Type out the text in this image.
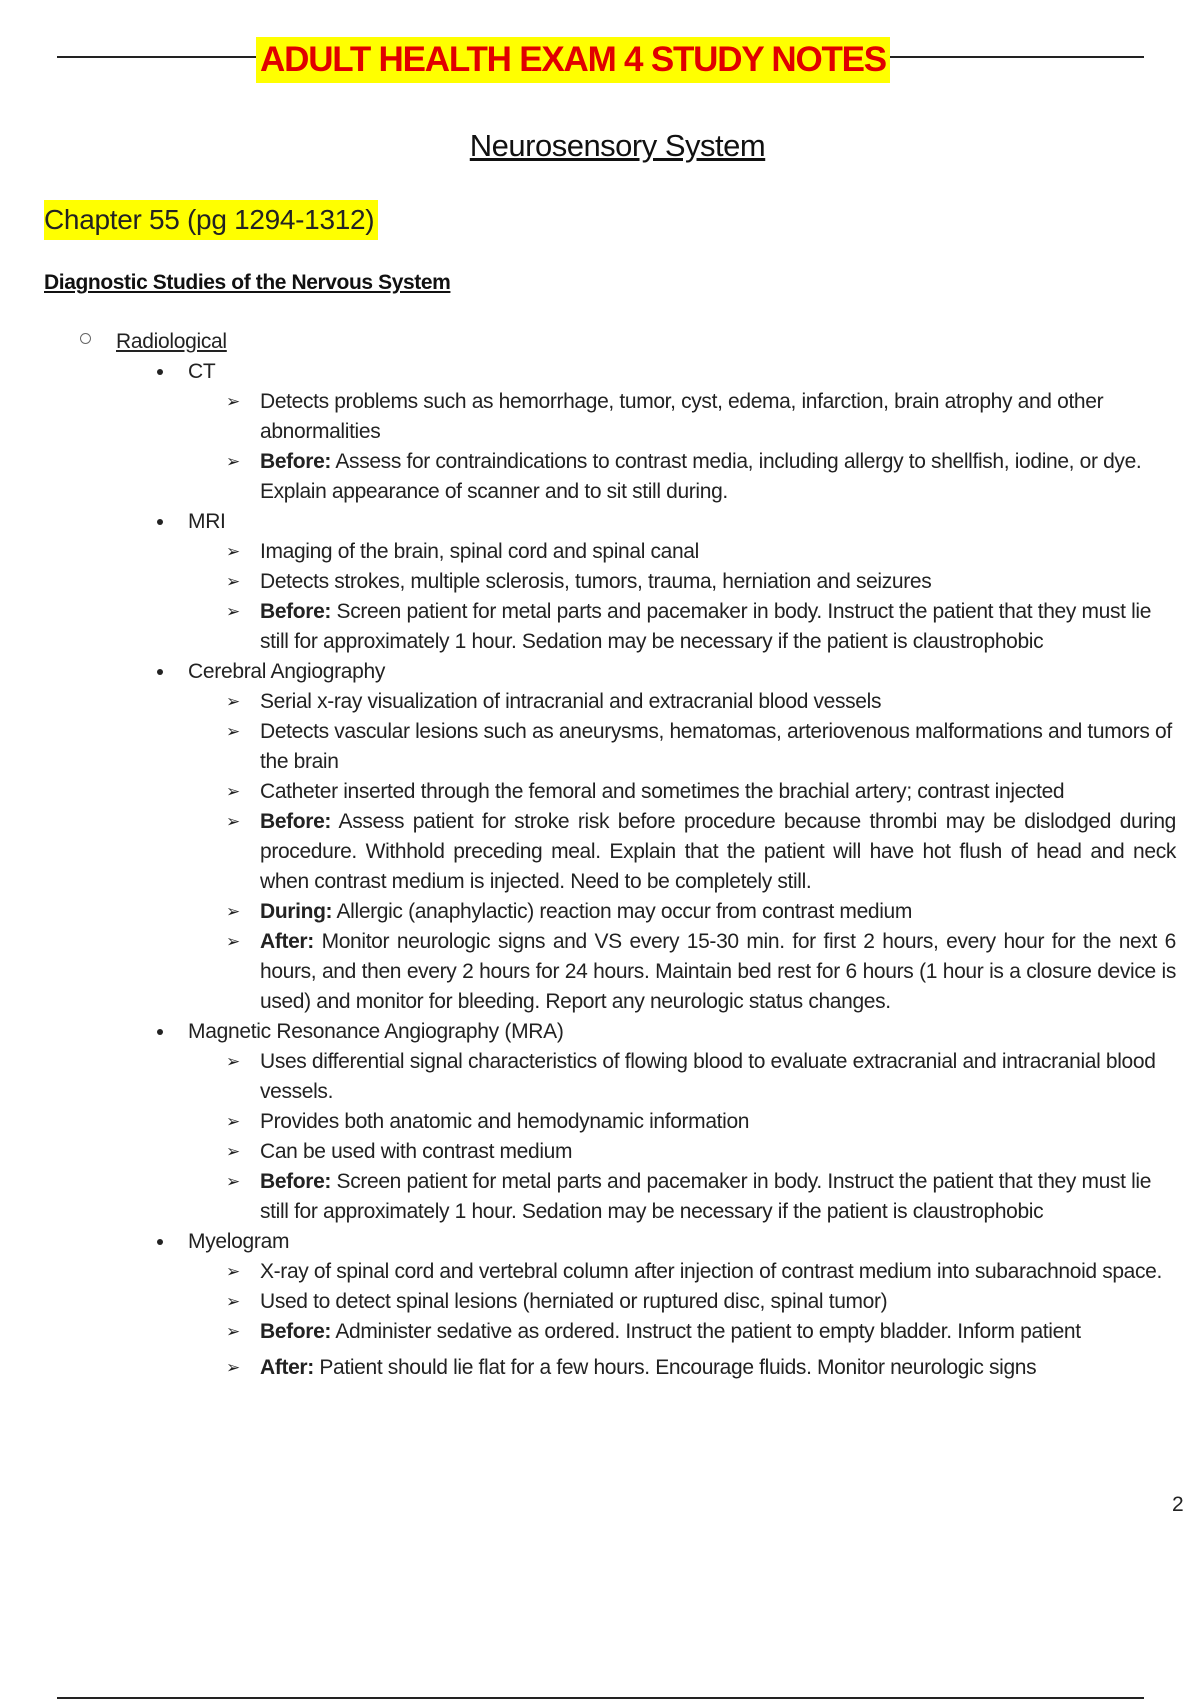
ADULT HEALTH EXAM 4 STUDY NOTES
Neurosensory System
Chapter 55 (pg 1294-1312)
Diagnostic Studies of the Nervous System
Radiological
CT
➢ Detects problems such as hemorrhage, tumor, cyst, edema, infarction, brain atrophy and other abnormalities
➢ Before: Assess for contraindications to contrast media, including allergy to shellfish, iodine, or dye. Explain appearance of scanner and to sit still during.
MRI
➢ Imaging of the brain, spinal cord and spinal canal
➢ Detects strokes, multiple sclerosis, tumors, trauma, herniation and seizures
➢ Before: Screen patient for metal parts and pacemaker in body. Instruct the patient that they must lie still for approximately 1 hour. Sedation may be necessary if the patient is claustrophobic
Cerebral Angiography
➢ Serial x-ray visualization of intracranial and extracranial blood vessels
➢ Detects vascular lesions such as aneurysms, hematomas, arteriovenous malformations and tumors of the brain
➢ Catheter inserted through the femoral and sometimes the brachial artery; contrast injected
➢ Before: Assess patient for stroke risk before procedure because thrombi may be dislodged during procedure. Withhold preceding meal. Explain that the patient will have hot flush of head and neck when contrast medium is injected. Need to be completely still.
➢ During: Allergic (anaphylactic) reaction may occur from contrast medium
➢ After: Monitor neurologic signs and VS every 15-30 min. for first 2 hours, every hour for the next 6 hours, and then every 2 hours for 24 hours. Maintain bed rest for 6 hours (1 hour is a closure device is used) and monitor for bleeding. Report any neurologic status changes.
Magnetic Resonance Angiography (MRA)
➢ Uses differential signal characteristics of flowing blood to evaluate extracranial and intracranial blood vessels.
➢ Provides both anatomic and hemodynamic information
➢ Can be used with contrast medium
➢ Before: Screen patient for metal parts and pacemaker in body. Instruct the patient that they must lie still for approximately 1 hour. Sedation may be necessary if the patient is claustrophobic
Myelogram
➢ X-ray of spinal cord and vertebral column after injection of contrast medium into subarachnoid space.
➢ Used to detect spinal lesions (herniated or ruptured disc, spinal tumor)
➢ Before: Administer sedative as ordered. Instruct the patient to empty bladder. Inform patient
➢ After: Patient should lie flat for a few hours. Encourage fluids. Monitor neurologic signs
2
